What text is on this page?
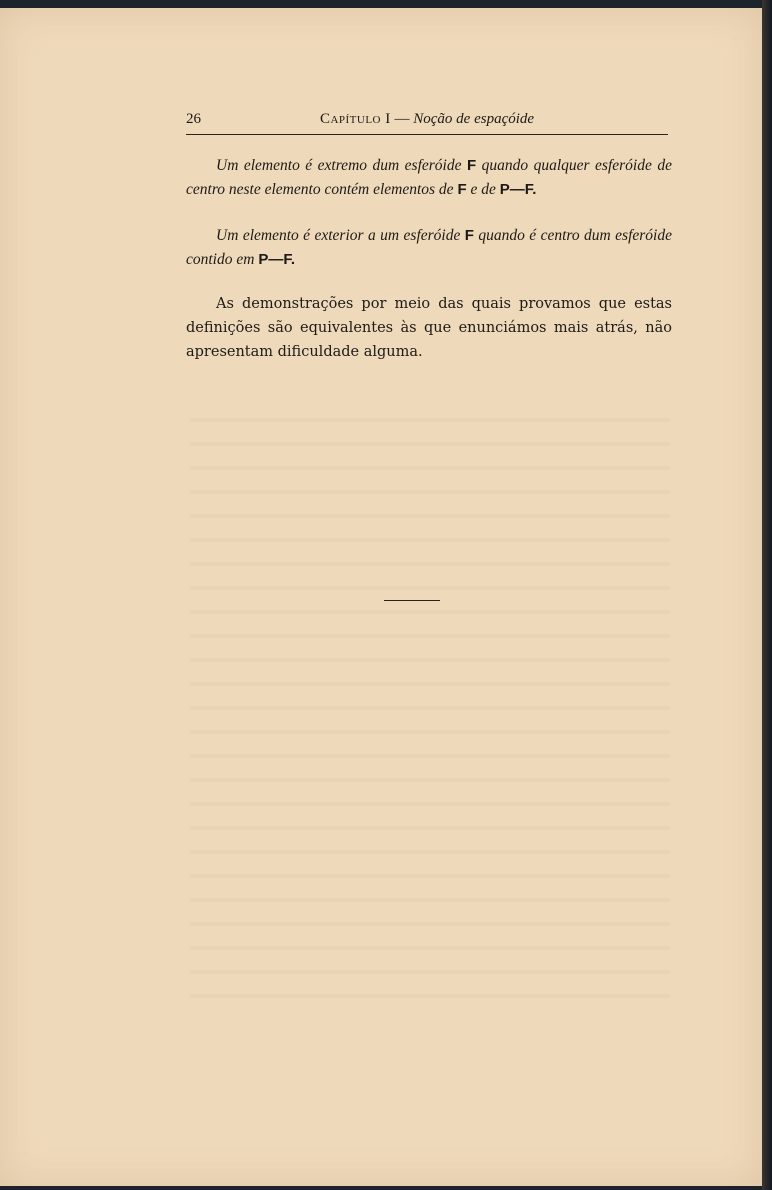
26	Capítulo I — Noção de espaçóide

Um elemento é extremo dum esferóide F quando qualquer esferóide de centro neste elemento contém elementos de F e de P—F.

Um elemento é exterior a um esferóide F quando é centro dum esferóide contido em P—F.

As demonstrações por meio das quais provamos que estas definições são equivalentes às que enunciámos mais atrás, não apresentam dificuldade alguma.
